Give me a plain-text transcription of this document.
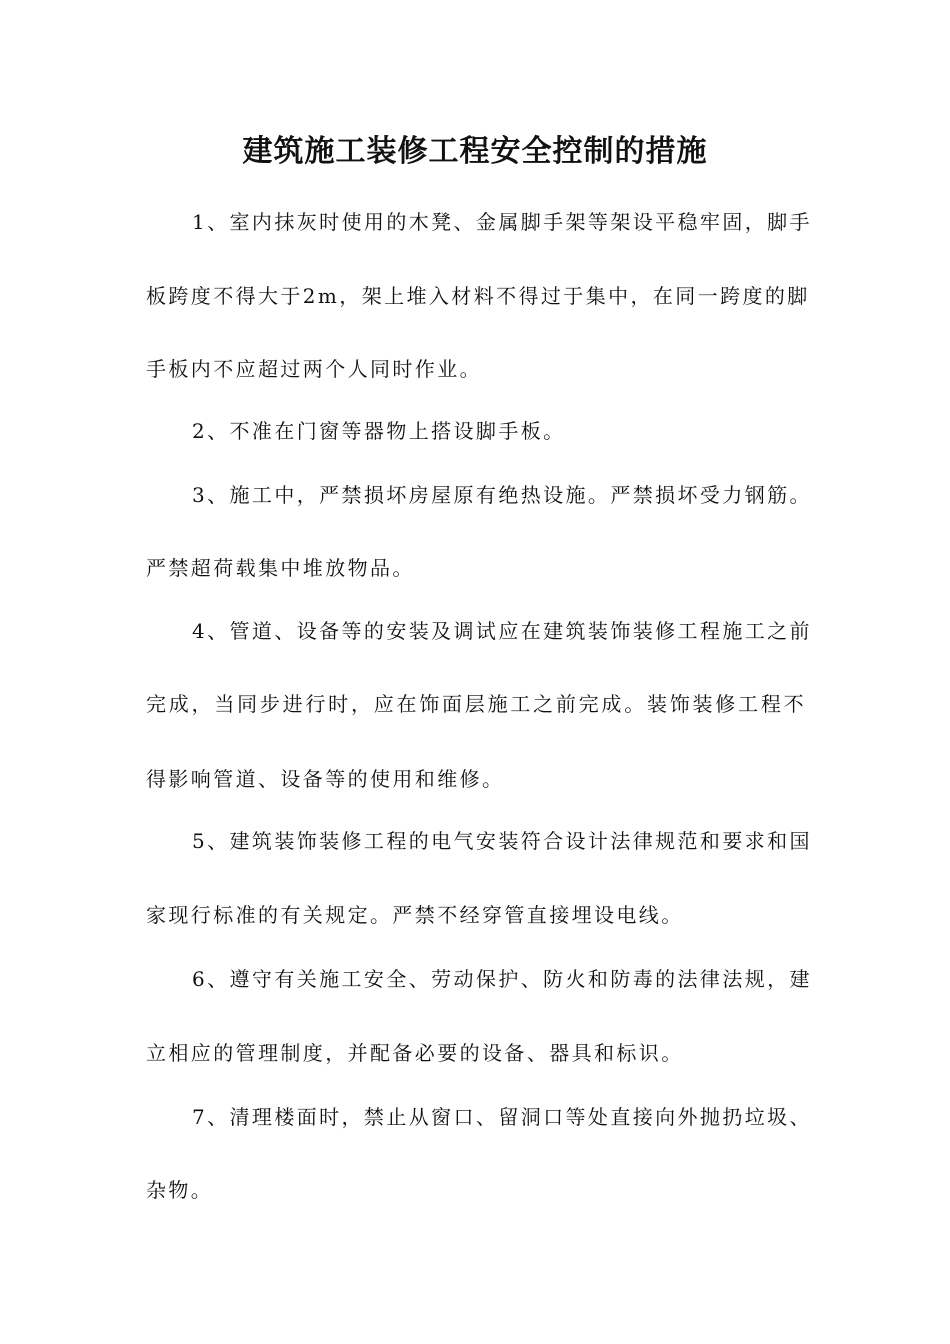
建筑施工装修工程安全控制的措施
1、室内抹灰时使用的木凳、金属脚手架等架设平稳牢固，脚手
板跨度不得大于2m，架上堆入材料不得过于集中，在同一跨度的脚
手板内不应超过两个人同时作业。
2、不准在门窗等器物上搭设脚手板。
3、施工中，严禁损坏房屋原有绝热设施。严禁损坏受力钢筋。
严禁超荷载集中堆放物品。
4、管道、设备等的安装及调试应在建筑装饰装修工程施工之前
完成，当同步进行时，应在饰面层施工之前完成。装饰装修工程不
得影响管道、设备等的使用和维修。
5、建筑装饰装修工程的电气安装符合设计法律规范和要求和国
家现行标准的有关规定。严禁不经穿管直接埋设电线。
6、遵守有关施工安全、劳动保护、防火和防毒的法律法规，建
立相应的管理制度，并配备必要的设备、器具和标识。
7、清理楼面时，禁止从窗口、留洞口等处直接向外抛扔垃圾、
杂物。
